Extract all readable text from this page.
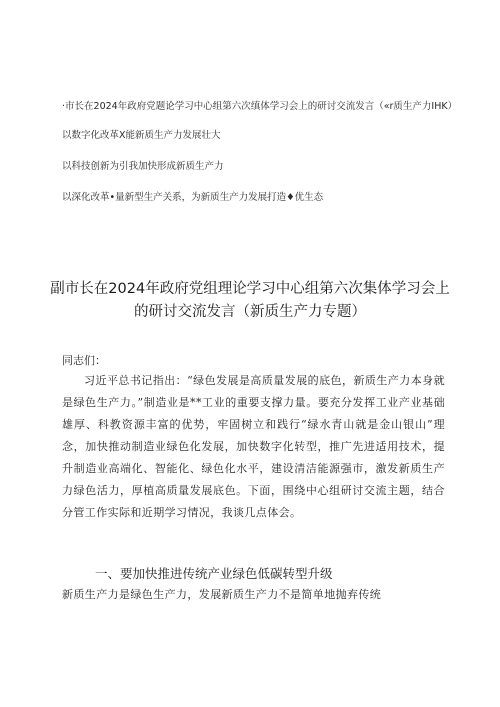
·市长在2024年政府党题论学习中心组第六次缜体学习会上的研讨交流发言（«r质生产力IHK）

以数字化改革X能新质生产力发展壮大

以科技创新为引我加快形成新质生产力

以深化改革•量新型生产关系，为新质生产力发展打造♦优生态

副市长在2024年政府党组理论学习中心组第六次集体学习会上的研讨交流发言（新质生产力专题）
同志们：
习近平总书记指出：“绿色发展是高质量发展的底色，新质生产力本身就是绿色生产力。”制造业是**工业的重要支撑力量。要充分发挥工业产业基础雄厚、科教资源丰富的优势，牢固树立和践行“绿水青山就是金山银山”理念，加快推动制造业绿色化发展，加快数字化转型，推广先进适用技术，提升制造业高端化、智能化、绿色化水平，建设清洁能源强市，激发新质生产力绿色活力，厚植高质量发展底色。下面，围绕中心组研讨交流主题，结合分管工作实际和近期学习情况，我谈几点体会。
一、要加快推进传统产业绿色低碳转型升级
新质生产力是绿色生产力，发展新质生产力不是简单地抛弃传统
